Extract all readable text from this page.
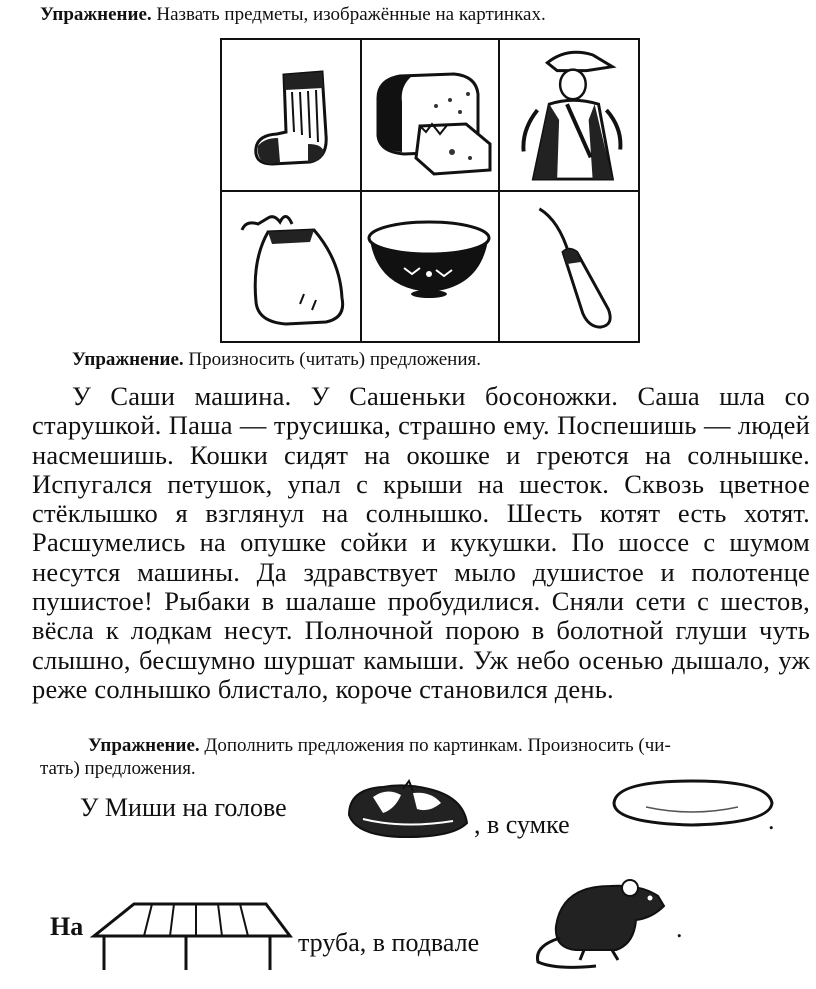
Упражнение. Назвать предметы, изображённые на картинках.
Упражнение. Произносить (читать) предложения.

У Саши машина. У Сашеньки босоножки. Саша шла со старушкой. Паша — трусишка, страшно ему. Поспешишь — людей насмешишь. Кошки сидят на окошке и греются на солнышке. Испугался петушок, упал с крыши на шесток. Сквозь цветное стёклышко я взглянул на солнышко. Шесть котят есть хотят. Расшумелись на опушке сойки и кукушки. По шоссе с шумом несутся машины. Да здравствует мыло душистое и полотенце пушистое! Рыбаки в шалаше пробудилися. Сняли сети с шестов, вёсла к лодкам несут. Полночной порою в болотной глуши чуть слышно, бесшумно шуршат камыши. Уж небо осенью дышало, уж реже солнышко блистало, короче становился день.

Упражнение. Дополнить предложения по картинкам. Произносить (чи-
тать) предложения.
У Миши на голове
, в сумке	.
На
труба, в подвале	.
